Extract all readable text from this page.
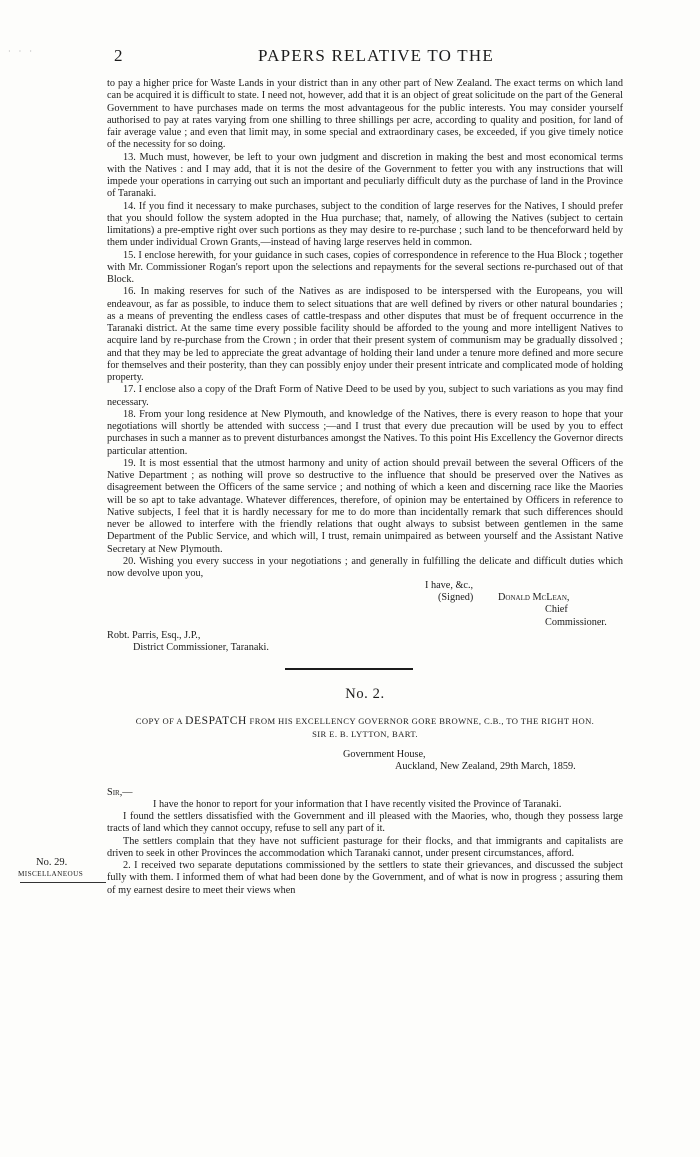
· · ·	2	PAPERS RELATIVE TO THE

to pay a higher price for Waste Lands in your district than in any other part of New Zealand. The exact terms on which land can be acquired it is difficult to state. I need not, however, add that it is an object of great solicitude on the part of the General Government to have purchases made on terms the most advantageous for the public interests. You may consider yourself authorised to pay at rates varying from one shilling to three shillings per acre, according to quality and position, for land of fair average value ; and even that limit may, in some special and extraordinary cases, be exceeded, if you give timely notice of the necessity for so doing.

13. Much must, however, be left to your own judgment and discretion in making the best and most economical terms with the Natives : and I may add, that it is not the desire of the Government to fetter you with any instructions that will impede your operations in carrying out such an important and peculiarly difficult duty as the purchase of land in the Province of Taranaki.

14. If you find it necessary to make purchases, subject to the condition of large reserves for the Natives, I should prefer that you should follow the system adopted in the Hua purchase; that, namely, of allowing the Natives (subject to certain limitations) a pre-emptive right over such portions as they may desire to re-purchase ; such land to be thenceforward held by them under individual Crown Grants,—instead of having large reserves held in common.

15. I enclose herewith, for your guidance in such cases, copies of correspondence in reference to the Hua Block ; together with Mr. Commissioner Rogan's report upon the selections and repayments for the several sections re-purchased out of that Block.

16. In making reserves for such of the Natives as are indisposed to be interspersed with the Europeans, you will endeavour, as far as possible, to induce them to select situations that are well defined by rivers or other natural boundaries ; as a means of preventing the endless cases of cattle-trespass and other disputes that must be of frequent occurrence in the Taranaki district. At the same time every possible facility should be afforded to the young and more intelligent Natives to acquire land by re-purchase from the Crown ; in order that their present system of communism may be gradually dissolved ; and that they may be led to appreciate the great advantage of holding their land under a tenure more defined and more secure for themselves and their posterity, than they can possibly enjoy under their present intricate and complicated mode of holding property.

17. I enclose also a copy of the Draft Form of Native Deed to be used by you, subject to such variations as you may find necessary.

18. From your long residence at New Plymouth, and knowledge of the Natives, there is every reason to hope that your negotiations will shortly be attended with success ;—and I trust that every due precaution will be used by you to effect purchases in such a manner as to prevent disturbances amongst the Natives. To this point His Excellency the Governor directs particular attention.

19. It is most essential that the utmost harmony and unity of action should prevail between the several Officers of the Native Department ; as nothing will prove so destructive to the influence that should be preserved over the Natives as disagreement between the Officers of the same service ; and nothing of which a keen and discerning race like the Maories will be so apt to take advantage. Whatever differences, therefore, of opinion may be entertained by Officers in reference to Native subjects, I feel that it is hardly necessary for me to do more than incidentally remark that such differences should never be allowed to interfere with the friendly relations that ought always to subsist between gentlemen in the same Department of the Public Service, and which will, I trust, remain unimpaired as between yourself and the Assistant Native Secretary at New Plymouth.

20. Wishing you every success in your negotiations ; and generally in fulfilling the delicate and difficult duties which now devolve upon you,

I have, &c.,
(Signed) Donald McLean,
Chief Commissioner.
Robt. Parris, Esq., J.P.,
District Commissioner, Taranaki.
No. 2.
COPY OF A DESPATCH FROM HIS EXCELLENCY GOVERNOR GORE BROWNE, C.B., TO THE RIGHT HON.
SIR E. B. LYTTON, BART.
Government House,
Auckland, New Zealand, 29th March, 1859.
Sir,—

I have the honor to report for your information that I have recently visited the Province of Taranaki.

I found the settlers dissatisfied with the Government and ill pleased with the Maories, who, though they possess large tracts of land which they cannot occupy, refuse to sell any part of it.

The settlers complain that they have not sufficient pasturage for their flocks, and that immigrants and capitalists are driven to seek in other Provinces the accommodation which Taranaki cannot, under present circumstances, afford.

2. I received two separate deputations commissioned by the settlers to state their grievances, and discussed the subject fully with them. I informed them of what had been done by the Government, and of what is now in progress ; assuring them of my earnest desire to meet their views when

No. 29.
MISCELLANEOUS
